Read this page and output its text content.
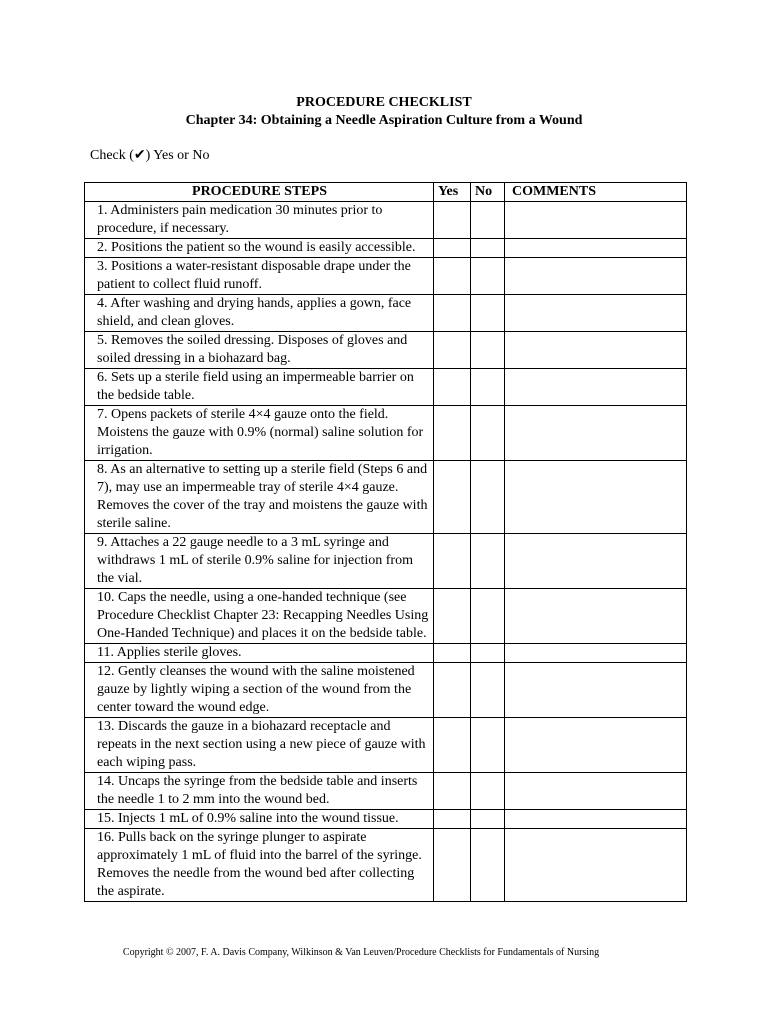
PROCEDURE CHECKLIST
Chapter 34: Obtaining a Needle Aspiration Culture from a Wound
Check (✔) Yes or No
PROCEDURE STEPS	Yes	No	COMMENTS
1. Administers pain medication 30 minutes prior to procedure, if necessary.			
2. Positions the patient so the wound is easily accessible.			
3. Positions a water-resistant disposable drape under the patient to collect fluid runoff.			
4. After washing and drying hands, applies a gown, face shield, and clean gloves.			
5. Removes the soiled dressing. Disposes of gloves and soiled dressing in a biohazard bag.			
6. Sets up a sterile field using an impermeable barrier on the bedside table.			
7. Opens packets of sterile 4×4 gauze onto the field. Moistens the gauze with 0.9% (normal) saline solution for irrigation.			
8. As an alternative to setting up a sterile field (Steps 6 and 7), may use an impermeable tray of sterile 4×4 gauze. Removes the cover of the tray and moistens the gauze with sterile saline.			
9. Attaches a 22 gauge needle to a 3 mL syringe and withdraws 1 mL of sterile 0.9% saline for injection from the vial.			
10. Caps the needle, using a one-handed technique (see Procedure Checklist Chapter 23: Recapping Needles Using One-Handed Technique) and places it on the bedside table.			
11. Applies sterile gloves.			
12. Gently cleanses the wound with the saline moistened gauze by lightly wiping a section of the wound from the center toward the wound edge.			
13. Discards the gauze in a biohazard receptacle and repeats in the next section using a new piece of gauze with each wiping pass.			
14. Uncaps the syringe from the bedside table and inserts the needle 1 to 2 mm into the wound bed.			
15. Injects 1 mL of 0.9% saline into the wound tissue.			
16. Pulls back on the syringe plunger to aspirate approximately 1 mL of fluid into the barrel of the syringe. Removes the needle from the wound bed after collecting the aspirate.			
Copyright © 2007, F. A. Davis Company, Wilkinson & Van Leuven/Procedure Checklists for Fundamentals of Nursing
